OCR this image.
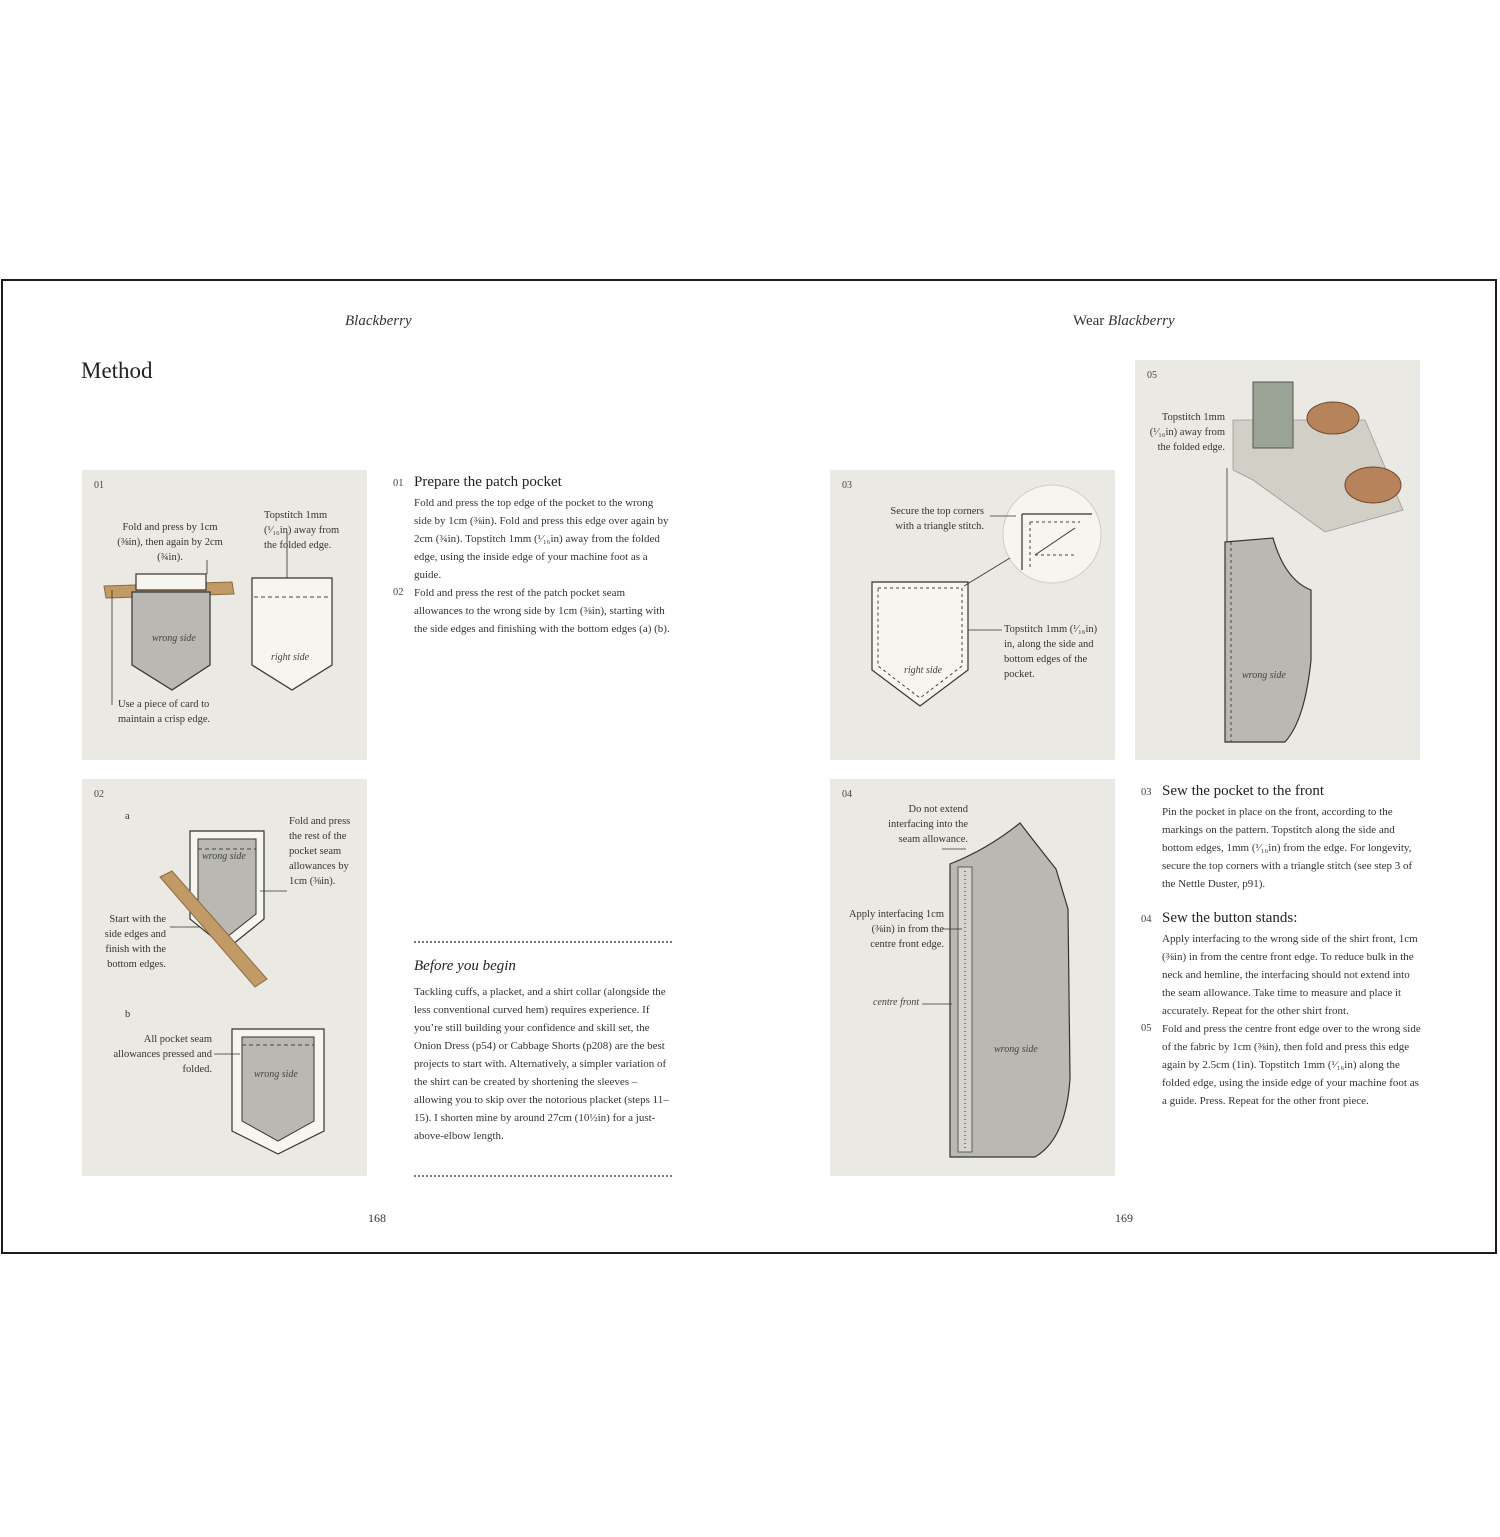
Blackberry
Method
01
Fold and press by 1cm (⅜in), then again by 2cm (¾in).
Topstitch 1mm (¹⁄₁₆in) away from the folded edge.
Use a piece of card to maintain a crisp edge.
wrong side
right side
02
a
b
Fold and press the rest of the pocket seam allowances by 1cm (⅜in).
Start with the side edges and finish with the bottom edges.
All pocket seam allowances pressed and folded.
wrong side
wrong side
01 Prepare the patch pocket
Fold and press the top edge of the pocket to the wrong side by 1cm (⅜in). Fold and press this edge over again by 2cm (¾in). Topstitch 1mm (¹⁄₁₆in) away from the folded edge, using the inside edge of your machine foot as a guide.
02 Fold and press the rest of the patch pocket seam allowances to the wrong side by 1cm (⅜in), starting with the side edges and finishing with the bottom edges (a) (b).
Before you begin
Tackling cuffs, a placket, and a shirt collar (alongside the less conventional curved hem) requires experience. If you’re still building your confidence and skill set, the Onion Dress (p54) or Cabbage Shorts (p208) are the best projects to start with. Alternatively, a simpler variation of the shirt can be created by shortening the sleeves – allowing you to skip over the notorious placket (steps 11–15). I shorten mine by around 27cm (10½in) for a just-above-elbow length.
168
Wear Blackberry
03
Secure the top corners with a triangle stitch.
Topstitch 1mm (¹⁄₁₆in) in, along the side and bottom edges of the pocket.
right side
05
Topstitch 1mm (¹⁄₁₆in) away from the folded edge.
wrong side
04
Do not extend interfacing into the seam allowance.
Apply interfacing 1cm (⅜in) in from the centre front edge.
centre front
wrong side
03 Sew the pocket to the front
Pin the pocket in place on the front, according to the markings on the pattern. Topstitch along the side and bottom edges, 1mm (¹⁄₁₆in) from the edge. For longevity, secure the top corners with a triangle stitch (see step 3 of the Nettle Duster, p91).
04 Sew the button stands:
Apply interfacing to the wrong side of the shirt front, 1cm (⅜in) in from the centre front edge. To reduce bulk in the neck and hemline, the interfacing should not extend into the seam allowance. Take time to measure and place it accurately. Repeat for the other shirt front.
05 Fold and press the centre front edge over to the wrong side of the fabric by 1cm (⅜in), then fold and press this edge again by 2.5cm (1in). Topstitch 1mm (¹⁄₁₆in) along the folded edge, using the inside edge of your machine foot as a guide. Press. Repeat for the other front piece.
169
